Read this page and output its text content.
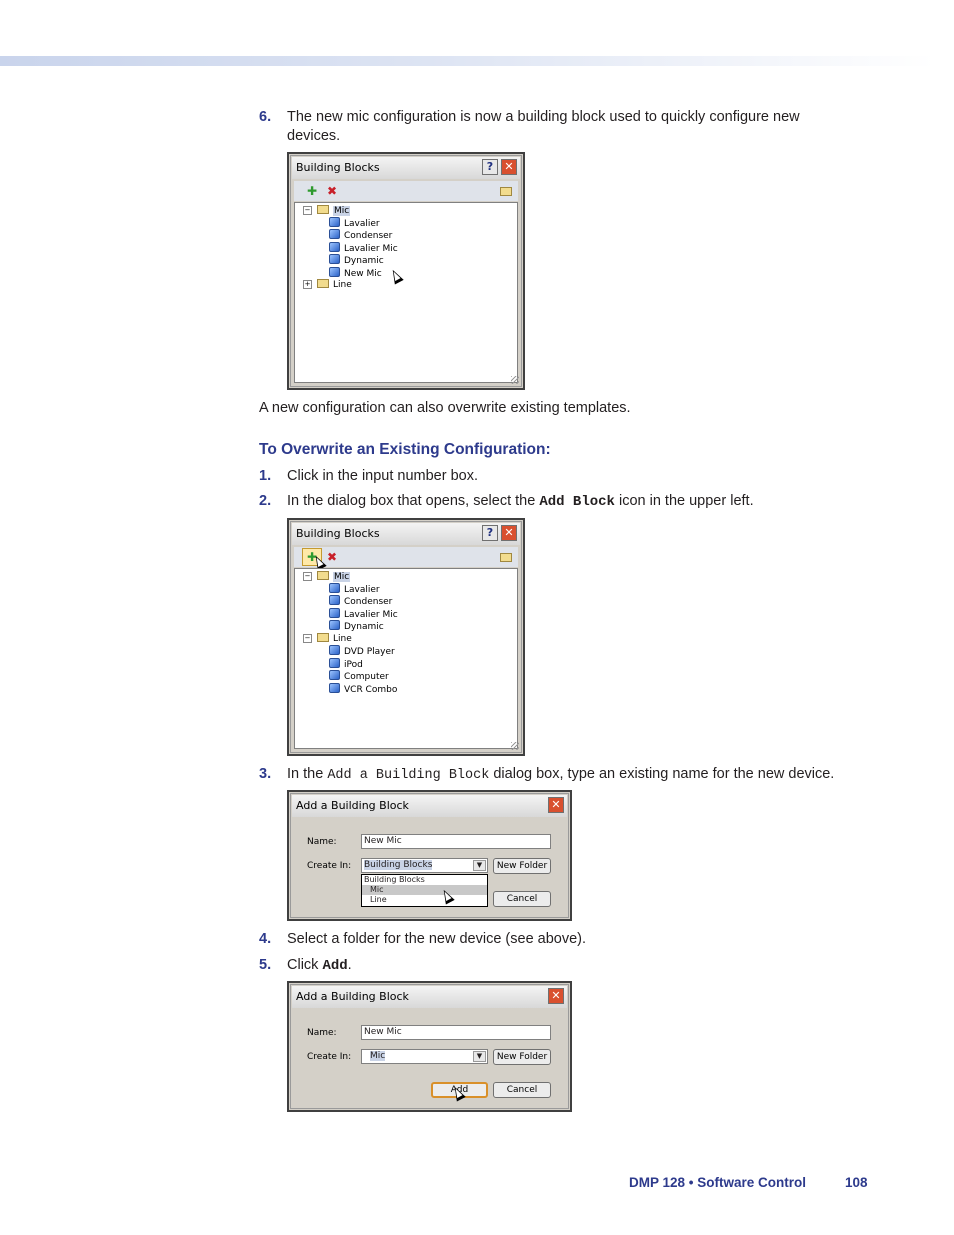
6. The new mic configuration is now a building block used to quickly configure new
devices.
Building Blocks	?	✕
✚ ✖
−	Mic
Lavalier
Condenser
Lavalier Mic
Dynamic
New Mic
+	Line
A new configuration can also overwrite existing templates.
To Overwrite an Existing Configuration:
1. Click in the input number box.
2. In the dialog box that opens, select the Add Block icon in the upper left.
Building Blocks	?	✕
✚ ✖
−	Mic
Lavalier
Condenser
Lavalier Mic
Dynamic
−	Line
DVD Player
iPod
Computer
VCR Combo
3. In the Add a Building Block dialog box, type an existing name for the new device.
Add a Building Block	✕
Name:	New Mic
Create In:	Building Blocks	▼	New Folder
Building Blocks
Mic
Line	Cancel
4. Select a folder for the new device (see above).
5. Click Add.
Add a Building Block	✕
Name:	New Mic
Create In:	Mic	▼	New Folder
Add	Cancel
DMP 128 • Software Control	108
